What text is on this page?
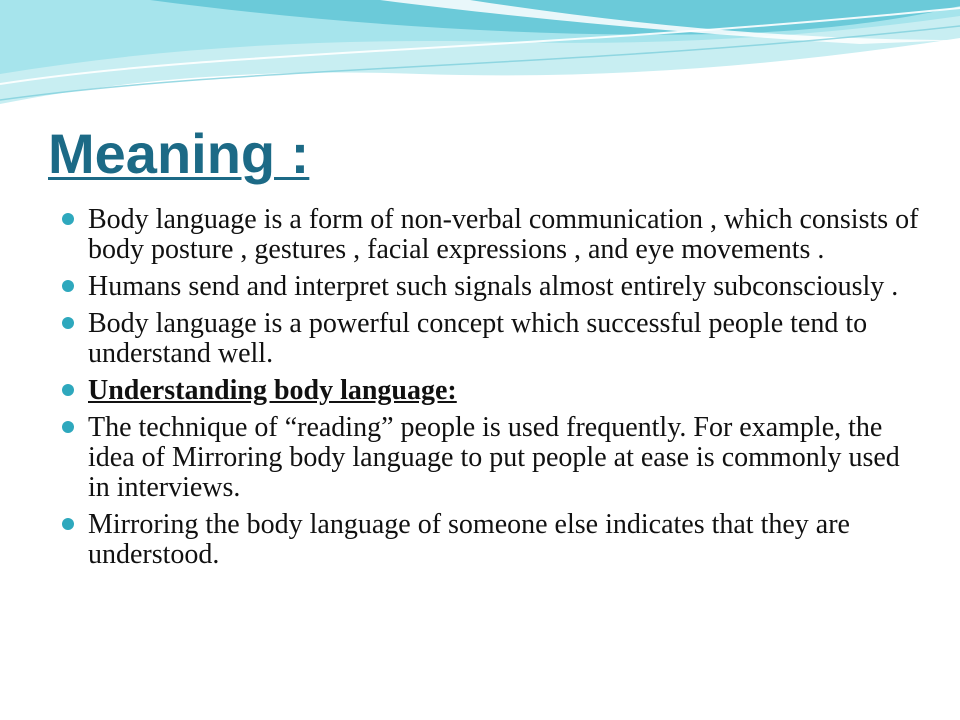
Meaning :
Body language is a form of non-verbal communication , which consists of body posture , gestures , facial expressions , and eye movements .
Humans send and interpret such signals almost entirely subconsciously .
Body language is a powerful concept which successful people tend to understand well.
Understanding body language:
The technique of “reading” people is used frequently. For example, the idea of Mirroring body language to put people at ease is commonly used in interviews.
Mirroring the body language of someone else indicates that they are understood.
